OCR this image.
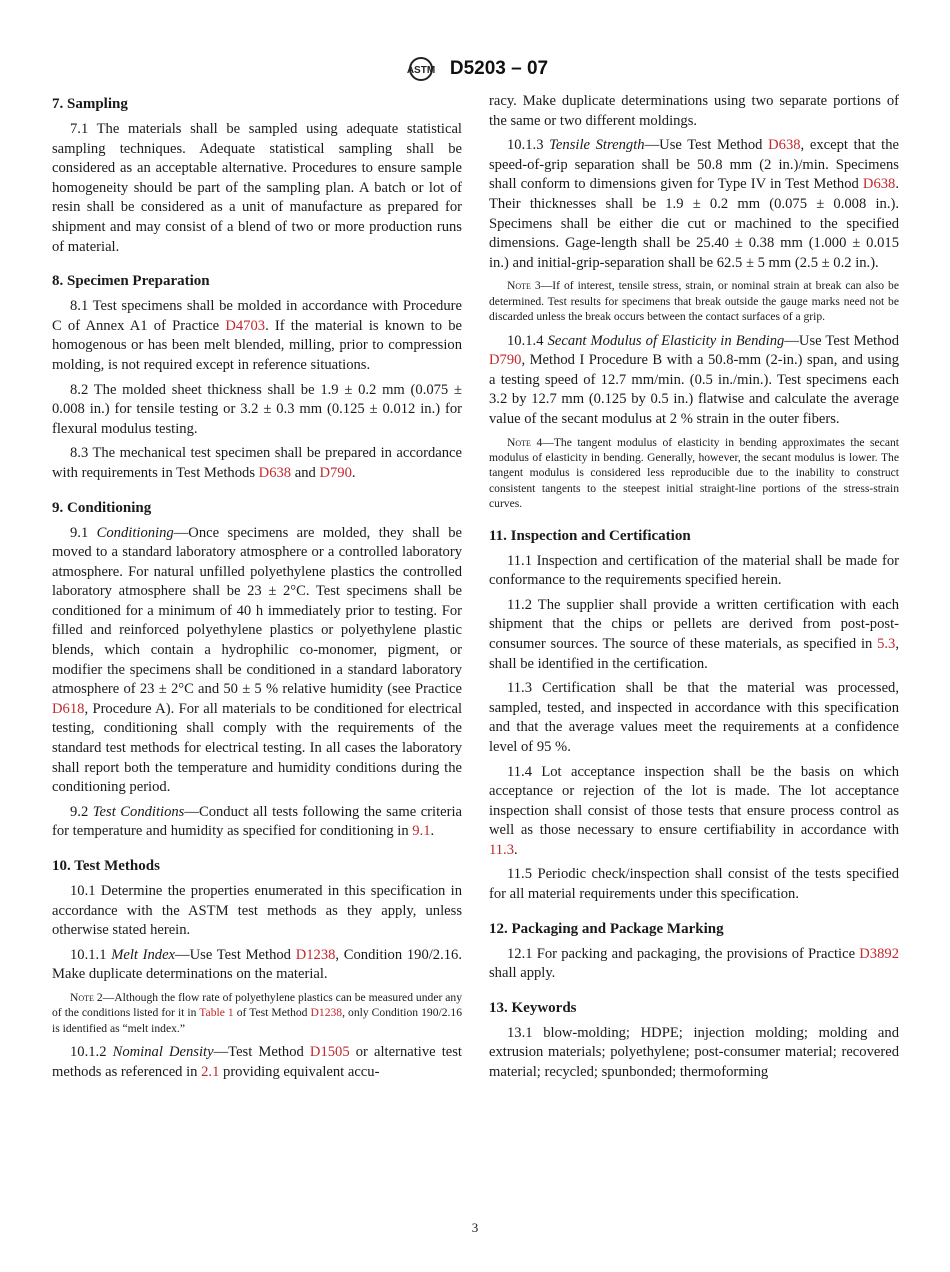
ASTM D5203 – 07
7. Sampling
7.1 The materials shall be sampled using adequate statistical sampling techniques. Adequate statistical sampling shall be considered as an acceptable alternative. Procedures to ensure sample homogeneity should be part of the sampling plan. A batch or lot of resin shall be considered as a unit of manufacture as prepared for shipment and may consist of a blend of two or more production runs of material.
8. Specimen Preparation
8.1 Test specimens shall be molded in accordance with Procedure C of Annex A1 of Practice D4703. If the material is known to be homogenous or has been melt blended, milling, prior to compression molding, is not required except in reference situations.
8.2 The molded sheet thickness shall be 1.9 ± 0.2 mm (0.075 ± 0.008 in.) for tensile testing or 3.2 ± 0.3 mm (0.125 ± 0.012 in.) for flexural modulus testing.
8.3 The mechanical test specimen shall be prepared in accordance with requirements in Test Methods D638 and D790.
9. Conditioning
9.1 Conditioning—Once specimens are molded, they shall be moved to a standard laboratory atmosphere or a controlled laboratory atmosphere. For natural unfilled polyethylene plastics the controlled laboratory atmosphere shall be 23 ± 2°C. Test specimens shall be conditioned for a minimum of 40 h immediately prior to testing. For filled and reinforced polyethylene plastics or polyethylene plastic blends, which contain a hydrophilic co-monomer, pigment, or modifier the specimens shall be conditioned in a standard laboratory atmosphere of 23 ± 2°C and 50 ± 5 % relative humidity (see Practice D618, Procedure A). For all materials to be conditioned for electrical testing, conditioning shall comply with the requirements of the standard test methods for electrical testing. In all cases the laboratory shall report both the temperature and humidity conditions during the conditioning period.
9.2 Test Conditions—Conduct all tests following the same criteria for temperature and humidity as specified for conditioning in 9.1.
10. Test Methods
10.1 Determine the properties enumerated in this specification in accordance with the ASTM test methods as they apply, unless otherwise stated herein.
10.1.1 Melt Index—Use Test Method D1238, Condition 190/2.16. Make duplicate determinations on the material.
Note 2—Although the flow rate of polyethylene plastics can be measured under any of the conditions listed for it in Table 1 of Test Method D1238, only Condition 190/2.16 is identified as “melt index.”
10.1.2 Nominal Density—Test Method D1505 or alternative test methods as referenced in 2.1 providing equivalent accu-
racy. Make duplicate determinations using two separate portions of the same or two different moldings.
10.1.3 Tensile Strength—Use Test Method D638, except that the speed-of-grip separation shall be 50.8 mm (2 in.)/min. Specimens shall conform to dimensions given for Type IV in Test Method D638. Their thicknesses shall be 1.9 ± 0.2 mm (0.075 ± 0.008 in.). Specimens shall be either die cut or machined to the specified dimensions. Gage-length shall be 25.40 ± 0.38 mm (1.000 ± 0.015 in.) and initial-grip-separation shall be 62.5 ± 5 mm (2.5 ± 0.2 in.).
Note 3—If of interest, tensile stress, strain, or nominal strain at break can also be determined. Test results for specimens that break outside the gauge marks need not be discarded unless the break occurs between the contact surfaces of a grip.
10.1.4 Secant Modulus of Elasticity in Bending—Use Test Method D790, Method I Procedure B with a 50.8-mm (2-in.) span, and using a testing speed of 12.7 mm/min. (0.5 in./min.). Test specimens each 3.2 by 12.7 mm (0.125 by 0.5 in.) flatwise and calculate the average value of the secant modulus at 2 % strain in the outer fibers.
Note 4—The tangent modulus of elasticity in bending approximates the secant modulus of elasticity in bending. Generally, however, the secant modulus is lower. The tangent modulus is considered less reproducible due to the inability to construct consistent tangents to the steepest initial straight-line portions of the stress-strain curves.
11. Inspection and Certification
11.1 Inspection and certification of the material shall be made for conformance to the requirements specified herein.
11.2 The supplier shall provide a written certification with each shipment that the chips or pellets are derived from post-post-consumer sources. The source of these materials, as specified in 5.3, shall be identified in the certification.
11.3 Certification shall be that the material was processed, sampled, tested, and inspected in accordance with this specification and that the average values meet the requirements at a confidence level of 95 %.
11.4 Lot acceptance inspection shall be the basis on which acceptance or rejection of the lot is made. The lot acceptance inspection shall consist of those tests that ensure process control as well as those necessary to ensure certifiability in accordance with 11.3.
11.5 Periodic check/inspection shall consist of the tests specified for all material requirements under this specification.
12. Packaging and Package Marking
12.1 For packing and packaging, the provisions of Practice D3892 shall apply.
13. Keywords
13.1 blow-molding; HDPE; injection molding; molding and extrusion materials; polyethylene; post-consumer material; recovered material; recycled; spunbonded; thermoforming
3
